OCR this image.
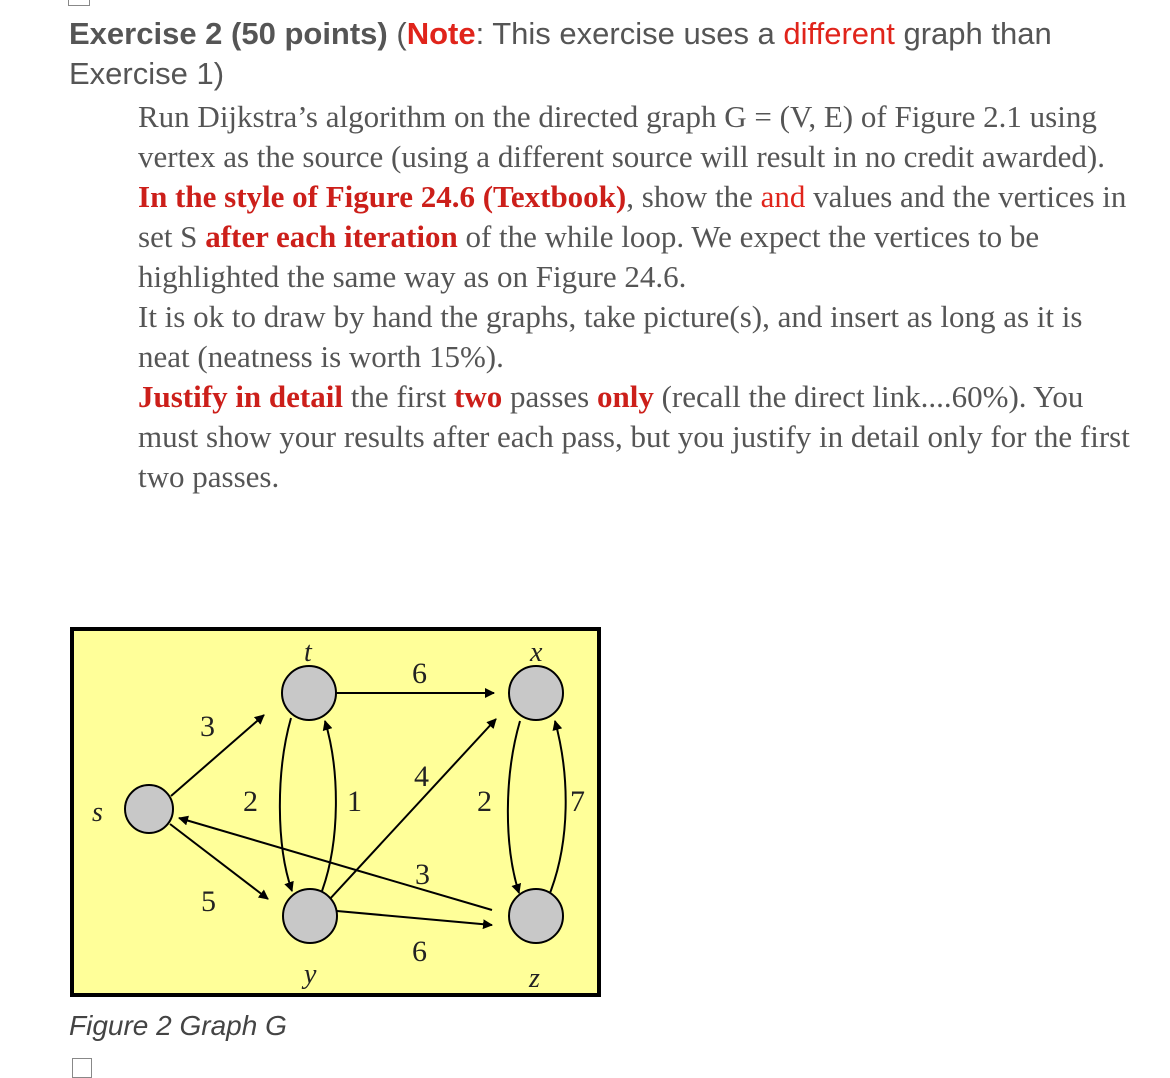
Exercise 2 (50 points) (Note: This exercise uses a different graph than Exercise 1)

Run Dijkstra’s algorithm on the directed graph G = (V, E) of Figure 2.1 using vertex as the source (using a different source will result in no credit awarded). In the style of Figure 24.6 (Textbook), show the and values and the vertices in set S after each iteration of the while loop. We expect the vertices to be highlighted the same way as on Figure 24.6.

It is ok to draw by hand the graphs, take picture(s), and insert as long as it is neat (neatness is worth 15%).

Justify in detail the first two passes only (recall the direct link....60%). You must show your results after each pass, but you justify in detail only for the first two passes.

s
t	x
y	z
3
5
2	1
6
4
3
2	7
6
Figure 2 Graph G
